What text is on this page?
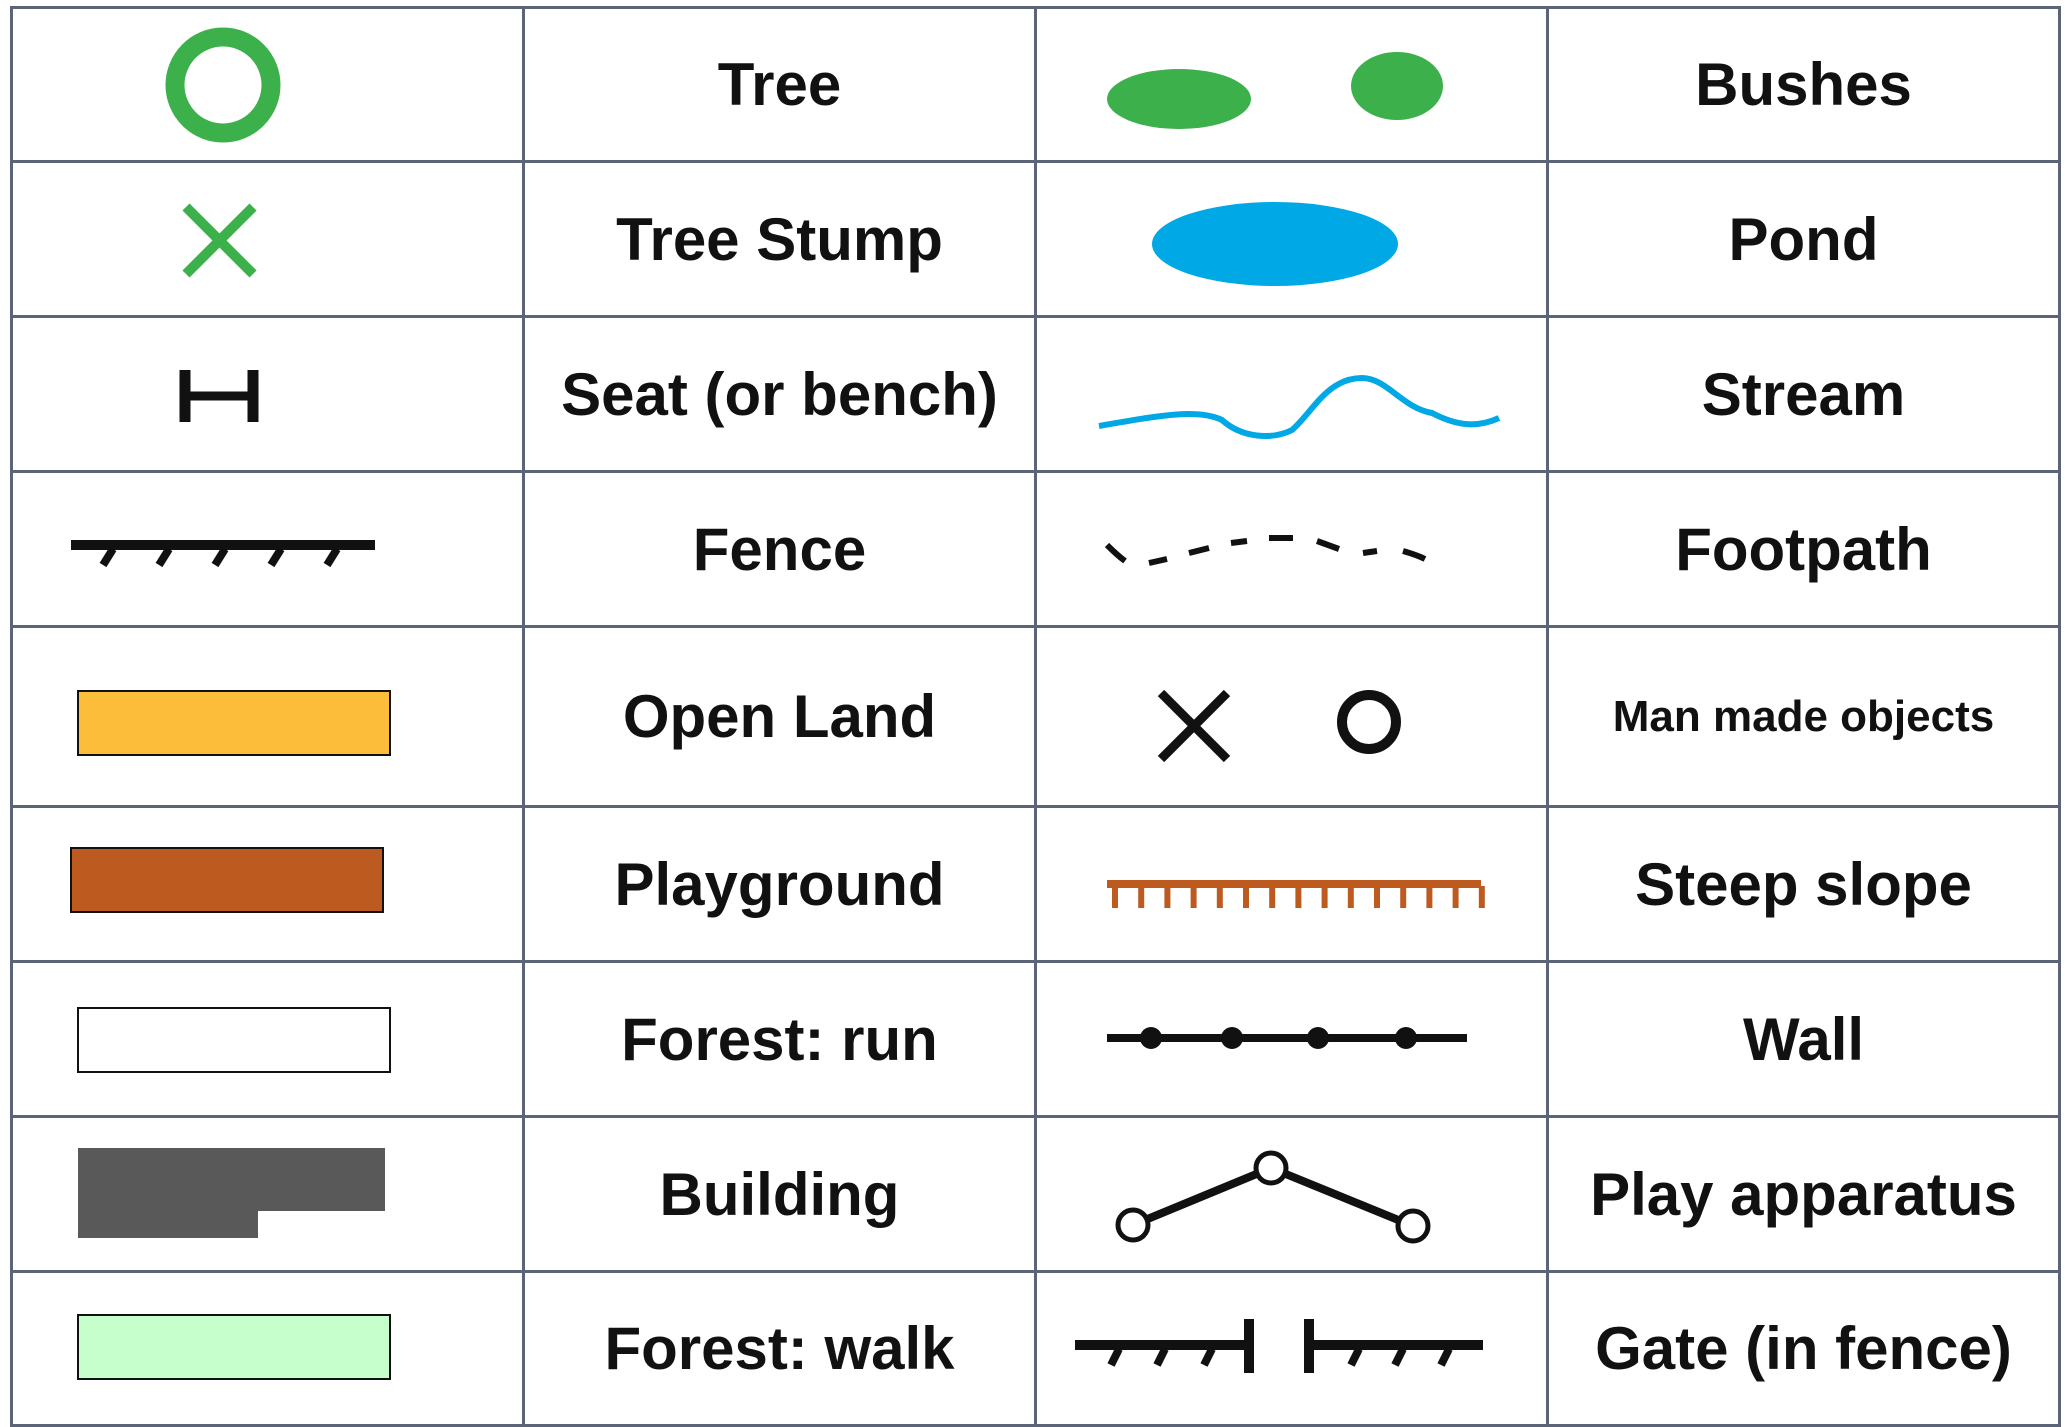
	Tree		Bushes

	Tree Stump		Pond

	Seat (or bench)		Stream

	Fence		Footpath

	Open Land		Man made objects

	Playground		Steep slope

	Forest: run		Wall

	Building		Play apparatus

	Forest: walk		Gate (in fence)
